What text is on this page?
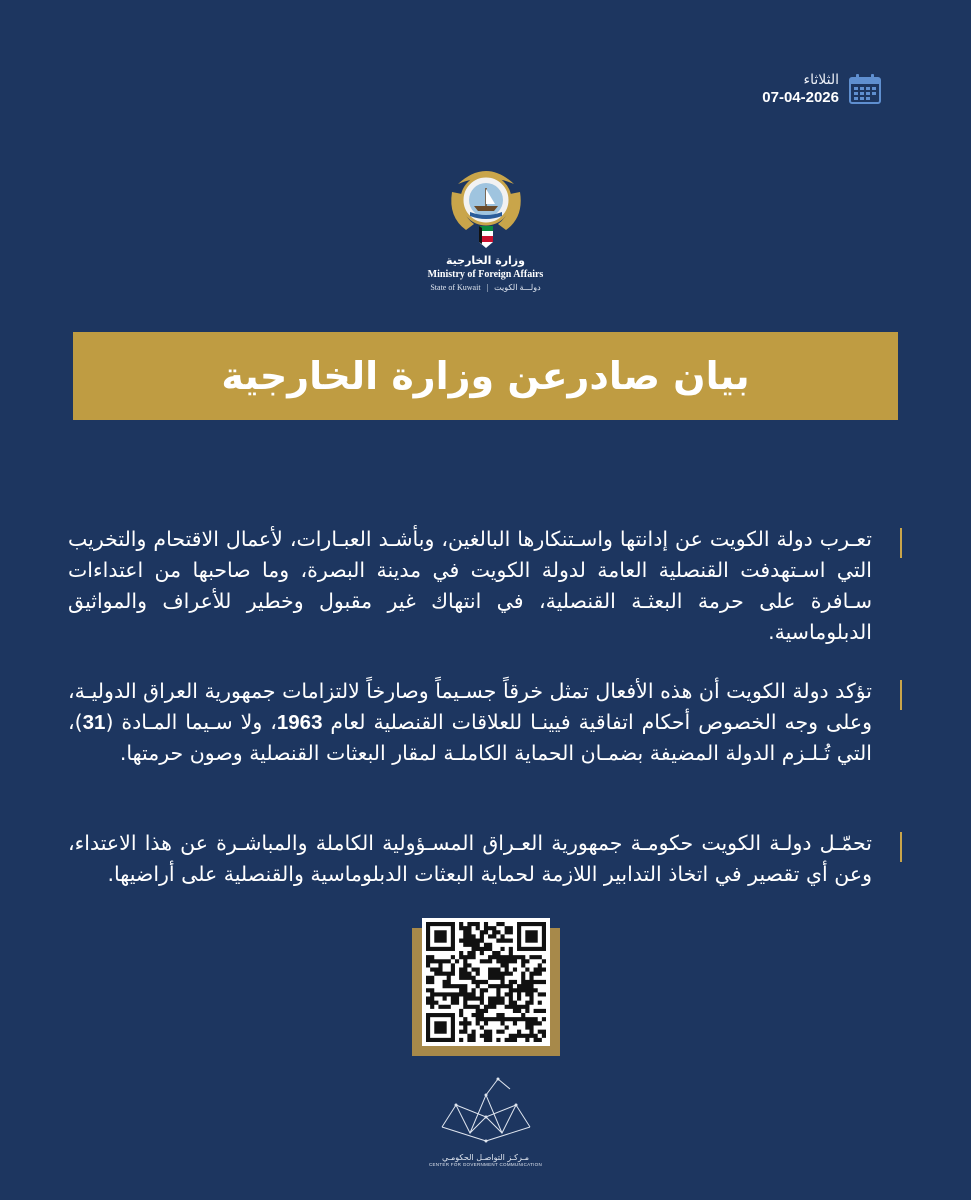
الثلاثاء
07-04-2026
وزارة الخارجية
Ministry of Foreign Affairs
State of Kuwait | دولـــة الكويت
بيان صادرعن وزارة الخارجية
تعـرب دولة الكويت عن إدانتها واسـتنكارها البالغين، وبأشـد العبـارات، لأعمال الاقتحام والتخريب التي اسـتهدفت القنصلية العامة لدولة الكويت في مدينة البصرة، وما صاحبها من اعتداءات سـافرة على حرمة البعثـة القنصلية، في انتهاك غير مقبول وخطير للأعراف والمواثيق الدبلوماسية.
تؤكد دولة الكويت أن هذه الأفعال تمثل خرقاً جسـيماً وصارخاً لالتزامات جمهورية العراق الدوليـة، وعلى وجه الخصوص أحكام اتفاقية فيينـا للعلاقات القنصلية لعام 1963، ولا سـيما المـادة (31)، التي تُـلـزم الدولة المضيفة بضمـان الحماية الكاملـة لمقار البعثات القنصلية وصون حرمتها.
تحمّـل دولـة الكويت حكومـة جمهورية العـراق المسـؤولية الكاملة والمباشـرة عن هذا الاعتداء، وعن أي تقصير في اتخاذ التدابير اللازمة لحماية البعثات الدبلوماسية والقنصلية على أراضيها.
مـركـز التواصـل الحكومـي
CENTER FOR GOVERNMENT COMMUNICATION
